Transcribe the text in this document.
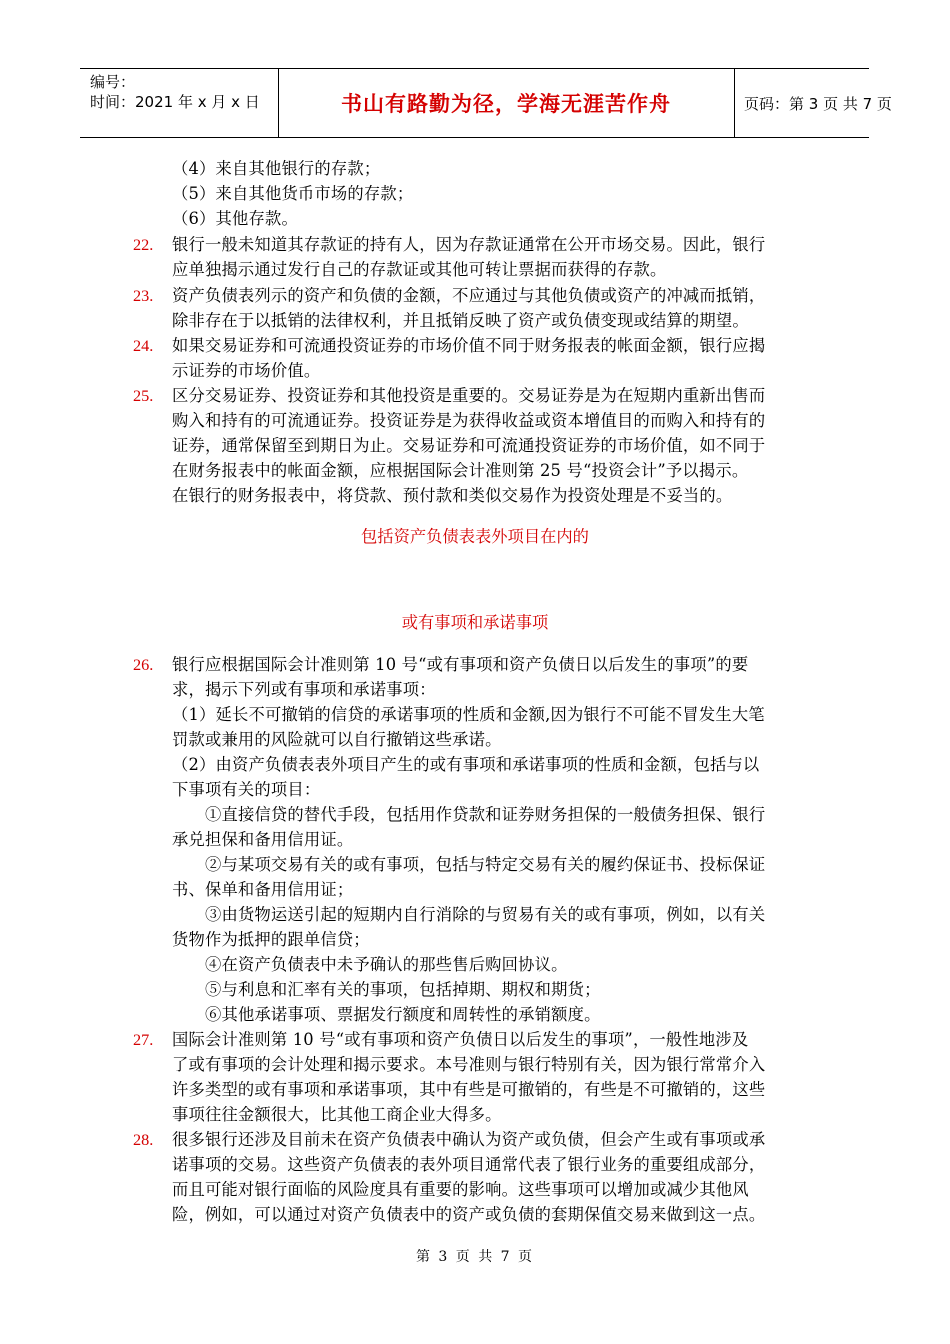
编号：
时间：2021 年 x 月 x 日	书山有路勤为径，学海无涯苦作舟	页码：第 3 页 共 7 页
（4）来自其他银行的存款；
（5）来自其他货币市场的存款；
（6）其他存款。
22. 银行一般未知道其存款证的持有人，因为存款证通常在公开市场交易。因此，银行
应单独揭示通过发行自己的存款证或其他可转让票据而获得的存款。
23. 资产负债表列示的资产和负债的金额，不应通过与其他负债或资产的冲减而抵销，
除非存在于以抵销的法律权利，并且抵销反映了资产或负债变现或结算的期望。
24. 如果交易证券和可流通投资证券的市场价值不同于财务报表的帐面金额，银行应揭
示证券的市场价值。
25. 区分交易证券、投资证券和其他投资是重要的。交易证券是为在短期内重新出售而
购入和持有的可流通证券。投资证券是为获得收益或资本增值目的而购入和持有的
证券，通常保留至到期日为止。交易证券和可流通投资证券的市场价值，如不同于
在财务报表中的帐面金额，应根据国际会计准则第 25 号“投资会计”予以揭示。
在银行的财务报表中，将贷款、预付款和类似交易作为投资处理是不妥当的。
包括资产负债表表外项目在内的
或有事项和承诺事项
26. 银行应根据国际会计准则第 10 号“或有事项和资产负债日以后发生的事项”的要
求，揭示下列或有事项和承诺事项：
（1）延长不可撤销的信贷的承诺事项的性质和金额,因为银行不可能不冒发生大笔
罚款或兼用的风险就可以自行撤销这些承诺。
（2）由资产负债表表外项目产生的或有事项和承诺事项的性质和金额，包括与以
下事项有关的项目：
①直接信贷的替代手段，包括用作贷款和证券财务担保的一般债务担保、银行
承兑担保和备用信用证。
②与某项交易有关的或有事项，包括与特定交易有关的履约保证书、投标保证
书、保单和备用信用证；
③由货物运送引起的短期内自行消除的与贸易有关的或有事项，例如，以有关
货物作为抵押的跟单信贷；
④在资产负债表中未予确认的那些售后购回协议。
⑤与利息和汇率有关的事项，包括掉期、期权和期货；
⑥其他承诺事项、票据发行额度和周转性的承销额度。
27. 国际会计准则第 10 号“或有事项和资产负债日以后发生的事项”，一般性地涉及
了或有事项的会计处理和揭示要求。本号准则与银行特别有关，因为银行常常介入
许多类型的或有事项和承诺事项，其中有些是可撤销的，有些是不可撤销的，这些
事项往往金额很大，比其他工商企业大得多。
28. 很多银行还涉及目前未在资产负债表中确认为资产或负债，但会产生或有事项或承
诺事项的交易。这些资产负债表的表外项目通常代表了银行业务的重要组成部分，
而且可能对银行面临的风险度具有重要的影响。这些事项可以增加或减少其他风
险，例如，可以通过对资产负债表中的资产或负债的套期保值交易来做到这一点。
第 3 页 共 7 页
